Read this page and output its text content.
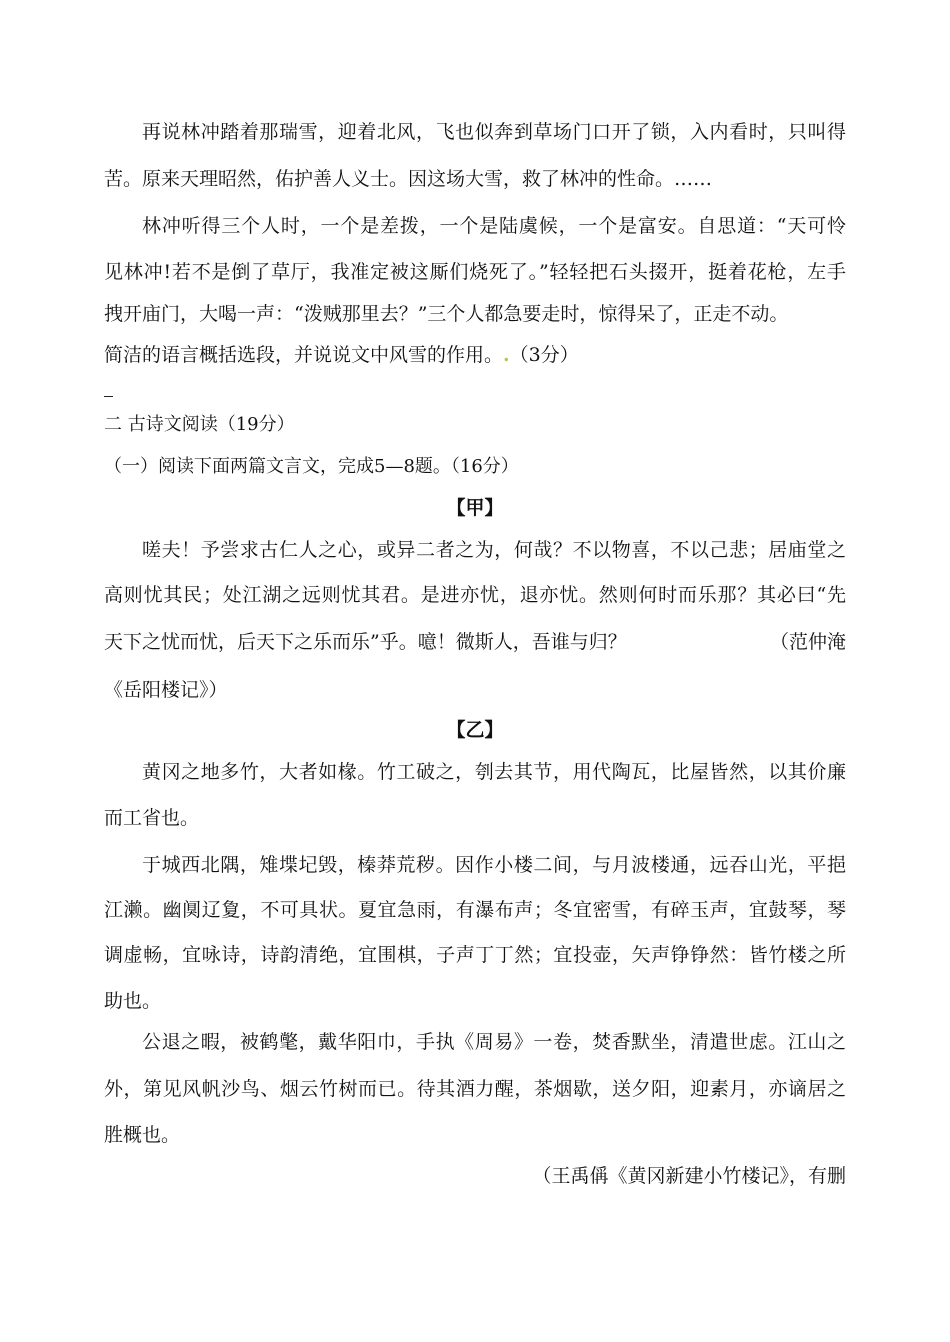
再说林冲踏着那瑞雪，迎着北风，飞也似奔到草场门口开了锁，入内看时，只叫得
苦。原来天理昭然，佑护善人义士。因这场大雪，救了林冲的性命。……
林冲听得三个人时，一个是差拨，一个是陆虞候，一个是富安。自思道：“天可怜
见林冲!若不是倒了草厅，我准定被这厮们烧死了。”轻轻把石头掇开，挺着花枪，左手
拽开庙门，大喝一声：“泼贼那里去？”三个人都急要走时，惊得呆了，正走不动。
简洁的语言概括选段，并说说文中风雪的作用。.（3分）
二 古诗文阅读（19分）
（一）阅读下面两篇文言文，完成5—8题。（16分）
【甲】
嗟夫！予尝求古仁人之心，或异二者之为，何哉？不以物喜，不以己悲；居庙堂之
高则忧其民；处江湖之远则忧其君。是进亦忧，退亦忧。然则何时而乐那？其必曰“先
天下之忧而忧，后天下之乐而乐”乎。噫！微斯人，吾谁与归？	（范仲淹
《岳阳楼记》）
【乙】
黄冈之地多竹，大者如椽。竹工破之，刳去其节，用代陶瓦，比屋皆然，以其价廉
而工省也。
于城西北隅，雉堞圮毁，榛莽荒秽。因作小楼二间，与月波楼通，远吞山光，平挹
江濑。幽阒辽夐，不可具状。夏宜急雨，有瀑布声；冬宜密雪，有碎玉声，宜鼓琴，琴
调虚畅，宜咏诗，诗韵清绝，宜围棋，子声丁丁然；宜投壶，矢声铮铮然：皆竹楼之所
助也。
公退之暇，被鹤氅，戴华阳巾，手执《周易》一卷，焚香默坐，清遣世虑。江山之
外，第见风帆沙鸟、烟云竹树而已。待其酒力醒，茶烟歇，送夕阳，迎素月，亦谪居之
胜概也。
（王禹偁《黄冈新建小竹楼记》，有删
